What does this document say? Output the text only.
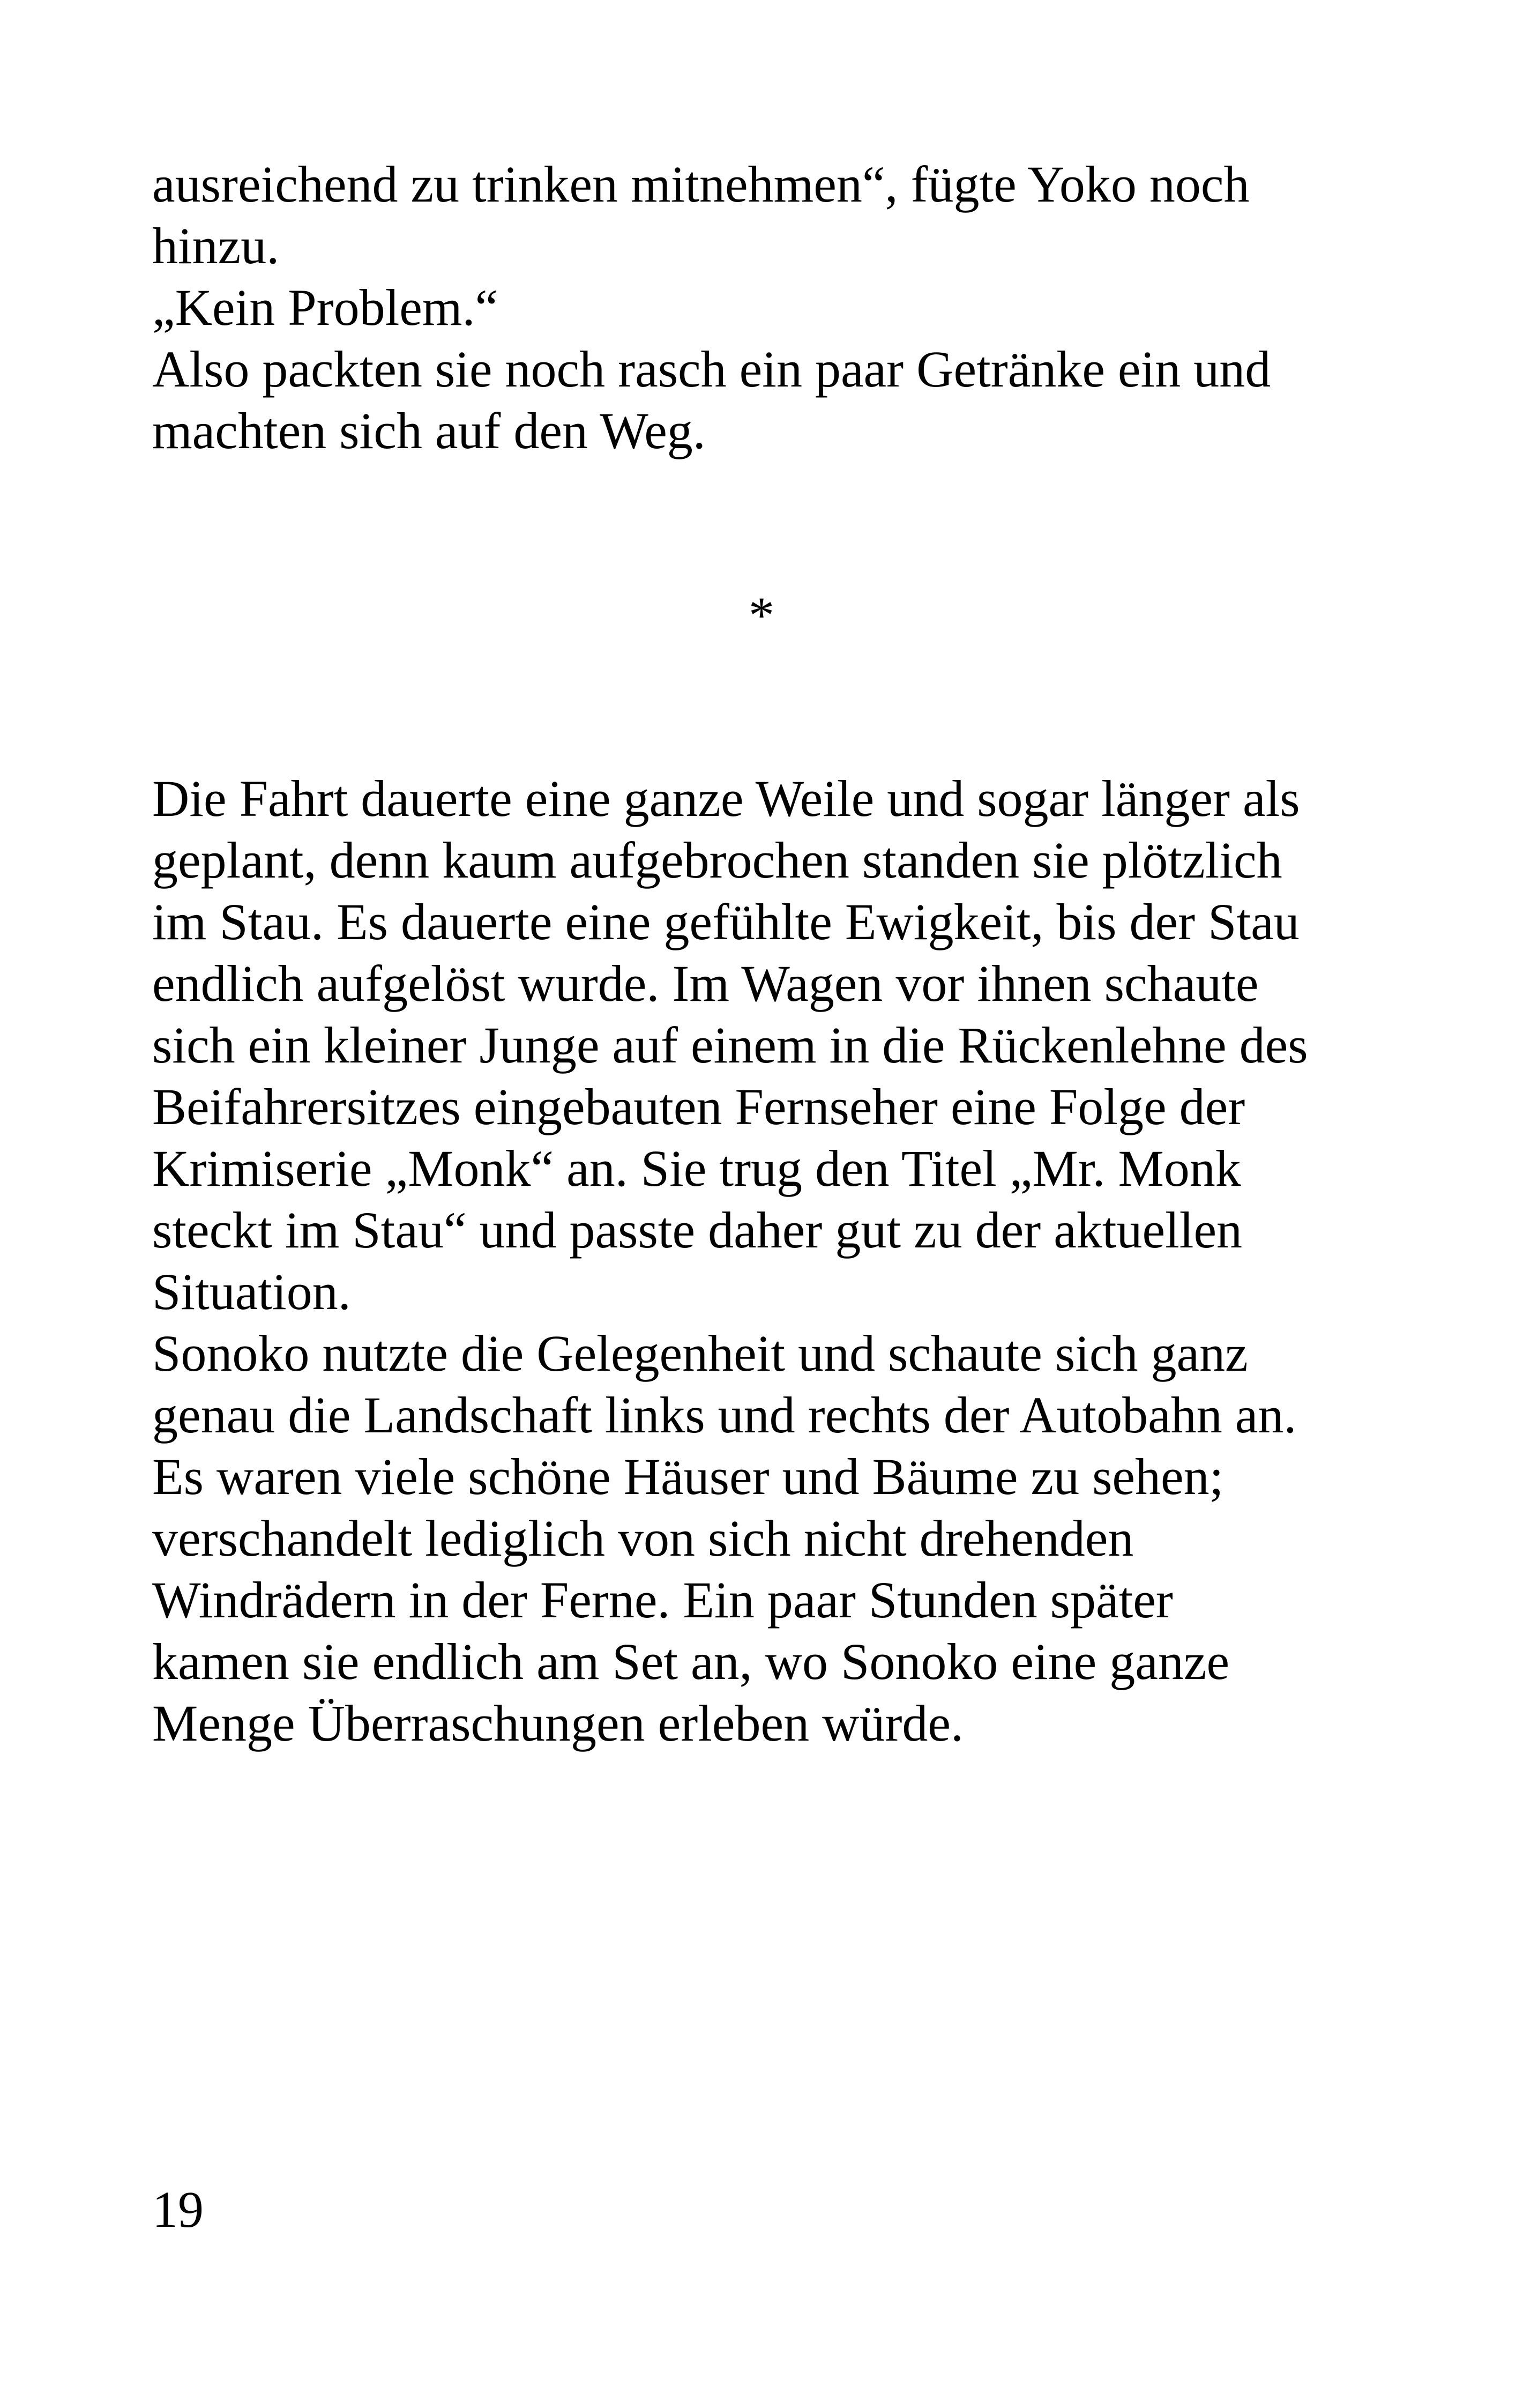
ausreichend zu trinken mitnehmen“, fügte Yoko noch
hinzu.
„Kein Problem.“
Also packten sie noch rasch ein paar Getränke ein und
machten sich auf den Weg.
*
Die Fahrt dauerte eine ganze Weile und sogar länger als
geplant, denn kaum aufgebrochen standen sie plötzlich
im Stau. Es dauerte eine gefühlte Ewigkeit, bis der Stau
endlich aufgelöst wurde. Im Wagen vor ihnen schaute
sich ein kleiner Junge auf einem in die Rückenlehne des
Beifahrersitzes eingebauten Fernseher eine Folge der
Krimiserie „Monk“ an. Sie trug den Titel „Mr. Monk
steckt im Stau“ und passte daher gut zu der aktuellen
Situation.
Sonoko nutzte die Gelegenheit und schaute sich ganz
genau die Landschaft links und rechts der Autobahn an.
Es waren viele schöne Häuser und Bäume zu sehen;
verschandelt lediglich von sich nicht drehenden
Windrädern in der Ferne. Ein paar Stunden später
kamen sie endlich am Set an, wo Sonoko eine ganze
Menge Überraschungen erleben würde.
19
